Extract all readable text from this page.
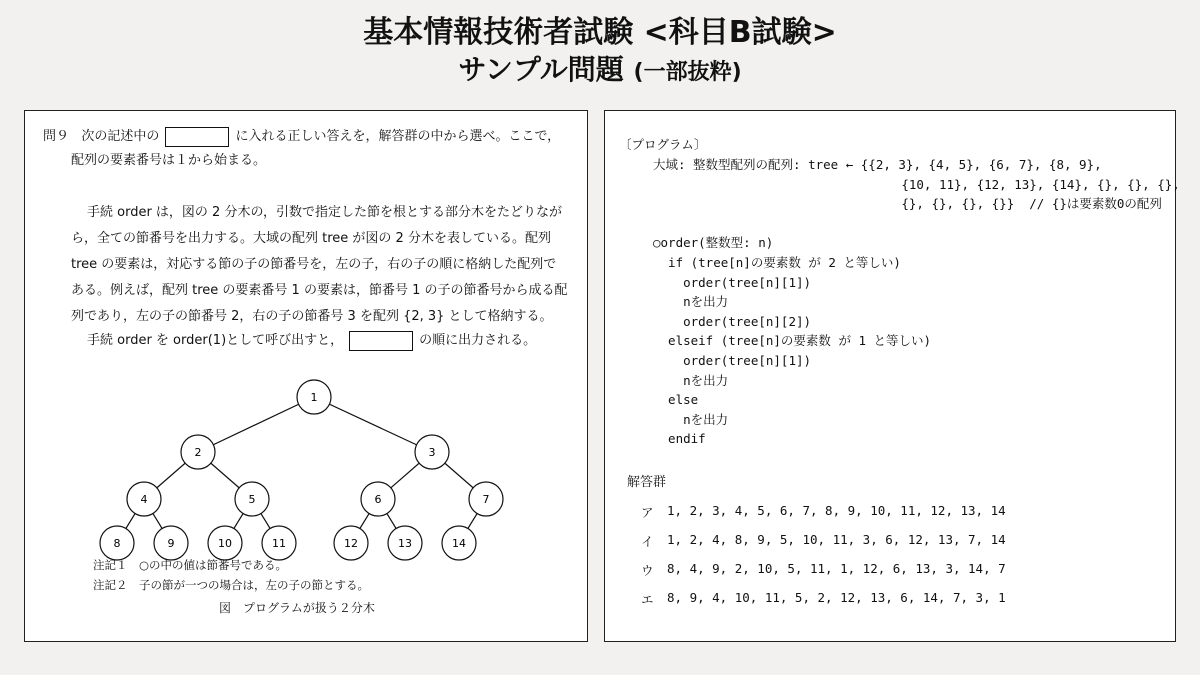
基本情報技術者試験 <科目B試験>
サンプル問題 (一部抜粋)
問９ 次の記述中の	に入れる正しい答えを，解答群の中から選べ。ここで，
配列の要素番号は１から始まる。
手続 order は，図の 2 分木の，引数で指定した節を根とする部分木をたどりなが
ら，全ての節番号を出力する。大域の配列 tree が図の 2 分木を表している。配列
tree の要素は，対応する節の子の節番号を，左の子，右の子の順に格納した配列で
ある。例えば，配列 tree の要素番号 1 の要素は，節番号 1 の子の節番号から成る配
列であり，左の子の節番号 2，右の子の節番号 3 を配列 {2, 3} として格納する。
手続 order を order(1)として呼び出すと，	の順に出力される。
1
2	3
4	5	6	7
8	9	10	11	12	13	14
注記１　○の中の値は節番号である。
注記２　子の節が一つの場合は，左の子の節とする。
図　プログラムが扱う２分木
〔プログラム〕
大域: 整数型配列の配列: tree ← {{2, 3}, {4, 5}, {6, 7}, {8, 9},
{10, 11}, {12, 13}, {14}, {}, {}, {},
{}, {}, {}, {}}  // {}は要素数0の配列
○order(整数型: n)
if (tree[n]の要素数 が 2 と等しい)
order(tree[n][1])
nを出力
order(tree[n][2])
elseif (tree[n]の要素数 が 1 と等しい)
order(tree[n][1])
nを出力
else
nを出力
endif
解答群
ア 1, 2, 3, 4, 5, 6, 7, 8, 9, 10, 11, 12, 13, 14
イ 1, 2, 4, 8, 9, 5, 10, 11, 3, 6, 12, 13, 7, 14
ウ 8, 4, 9, 2, 10, 5, 11, 1, 12, 6, 13, 3, 14, 7
エ 8, 9, 4, 10, 11, 5, 2, 12, 13, 6, 14, 7, 3, 1
